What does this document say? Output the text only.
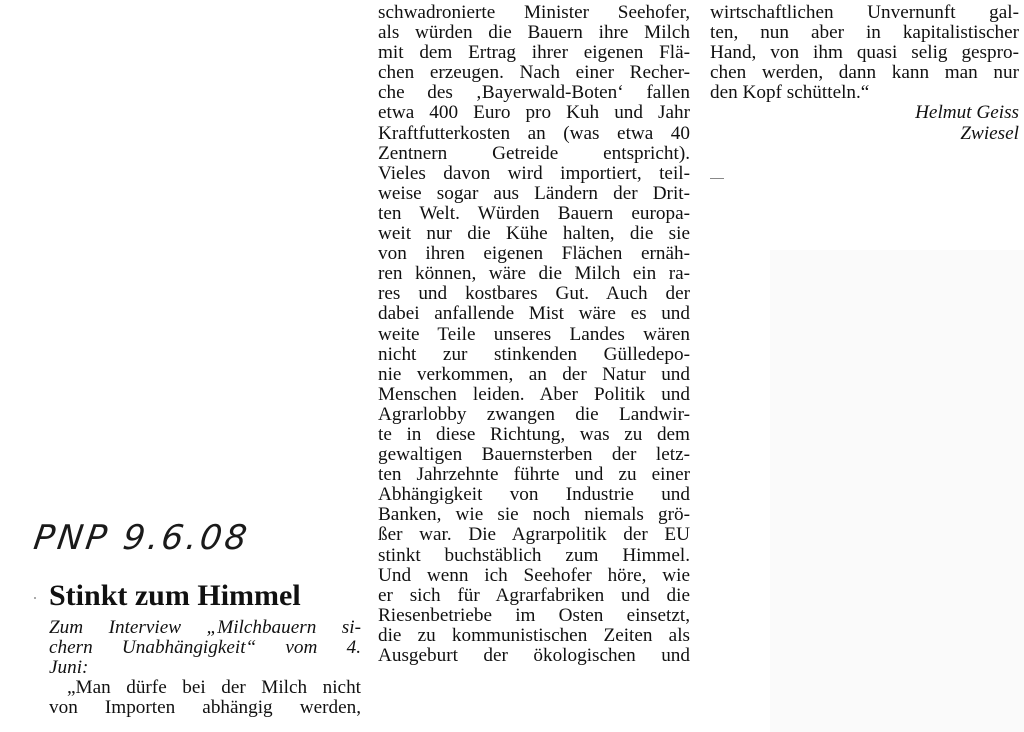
PNP 9.6.08
Stinkt zum Himmel
Zum Interview „Milchbauern si-
chern Unabhängigkeit“ vom 4.
Juni:
„Man dürfe bei der Milch nicht
von Importen abhängig werden,
schwadronierte Minister Seehofer,
als würden die Bauern ihre Milch
mit dem Ertrag ihrer eigenen Flä-
chen erzeugen. Nach einer Recher-
che des ‚Bayerwald-Boten‘ fallen
etwa 400 Euro pro Kuh und Jahr
Kraftfutterkosten an (was etwa 40
Zentnern Getreide entspricht).
Vieles davon wird importiert, teil-
weise sogar aus Ländern der Drit-
ten Welt. Würden Bauern europa-
weit nur die Kühe halten, die sie
von ihren eigenen Flächen ernäh-
ren können, wäre die Milch ein ra-
res und kostbares Gut. Auch der
dabei anfallende Mist wäre es und
weite Teile unseres Landes wären
nicht zur stinkenden Gülledepo-
nie verkommen, an der Natur und
Menschen leiden. Aber Politik und
Agrarlobby zwangen die Landwir-
te in diese Richtung, was zu dem
gewaltigen Bauernsterben der letz-
ten Jahrzehnte führte und zu einer
Abhängigkeit von Industrie und
Banken, wie sie noch niemals grö-
ßer war. Die Agrarpolitik der EU
stinkt buchstäblich zum Himmel.
Und wenn ich Seehofer höre, wie
er sich für Agrarfabriken und die
Riesenbetriebe im Osten einsetzt,
die zu kommunistischen Zeiten als
Ausgeburt der ökologischen und
wirtschaftlichen Unvernunft gal-
ten, nun aber in kapitalistischer
Hand, von ihm quasi selig gespro-
chen werden, dann kann man nur
den Kopf schütteln.“
Helmut Geiss
Zwiesel
